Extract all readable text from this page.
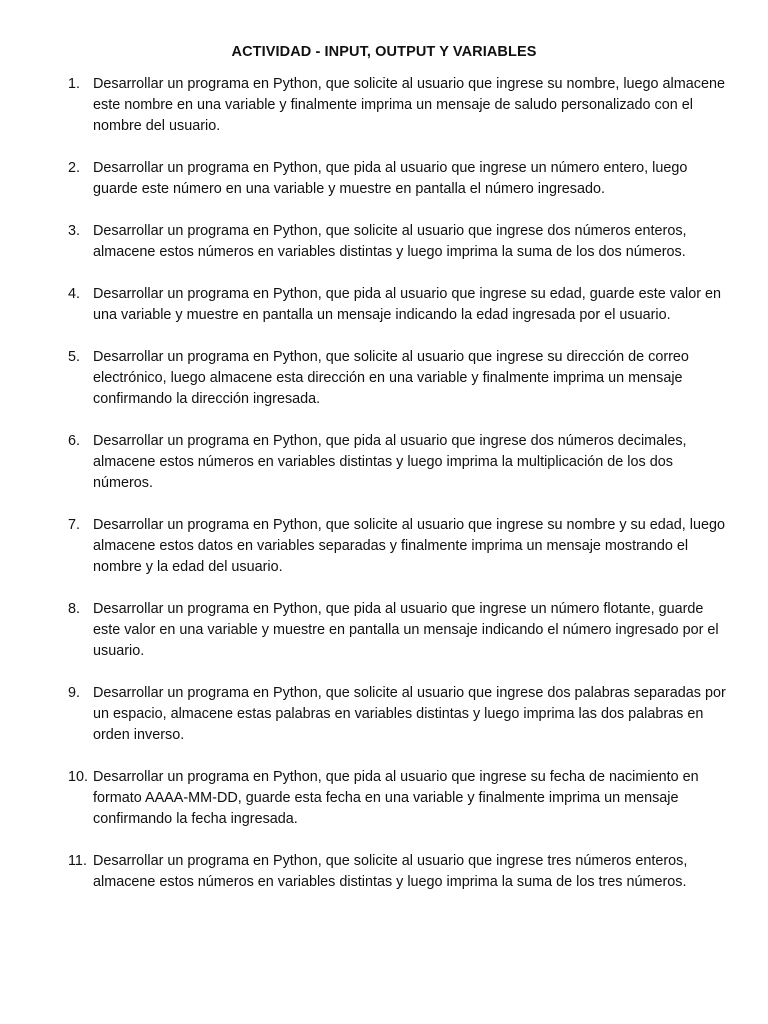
ACTIVIDAD - INPUT, OUTPUT Y VARIABLES
1. Desarrollar un programa en Python, que solicite al usuario que ingrese su nombre, luego almacene este nombre en una variable y finalmente imprima un mensaje de saludo personalizado con el nombre del usuario.
2. Desarrollar un programa en Python, que pida al usuario que ingrese un número entero, luego guarde este número en una variable y muestre en pantalla el número ingresado.
3. Desarrollar un programa en Python, que solicite al usuario que ingrese dos números enteros, almacene estos números en variables distintas y luego imprima la suma de los dos números.
4. Desarrollar un programa en Python, que pida al usuario que ingrese su edad, guarde este valor en una variable y muestre en pantalla un mensaje indicando la edad ingresada por el usuario.
5. Desarrollar un programa en Python, que solicite al usuario que ingrese su dirección de correo electrónico, luego almacene esta dirección en una variable y finalmente imprima un mensaje confirmando la dirección ingresada.
6. Desarrollar un programa en Python, que pida al usuario que ingrese dos números decimales, almacene estos números en variables distintas y luego imprima la multiplicación de los dos números.
7. Desarrollar un programa en Python, que solicite al usuario que ingrese su nombre y su edad, luego almacene estos datos en variables separadas y finalmente imprima un mensaje mostrando el nombre y la edad del usuario.
8. Desarrollar un programa en Python, que pida al usuario que ingrese un número flotante, guarde este valor en una variable y muestre en pantalla un mensaje indicando el número ingresado por el usuario.
9. Desarrollar un programa en Python, que solicite al usuario que ingrese dos palabras separadas por un espacio, almacene estas palabras en variables distintas y luego imprima las dos palabras en orden inverso.
10. Desarrollar un programa en Python, que pida al usuario que ingrese su fecha de nacimiento en formato AAAA-MM-DD, guarde esta fecha en una variable y finalmente imprima un mensaje confirmando la fecha ingresada.
11. Desarrollar un programa en Python, que solicite al usuario que ingrese tres números enteros, almacene estos números en variables distintas y luego imprima la suma de los tres números.
